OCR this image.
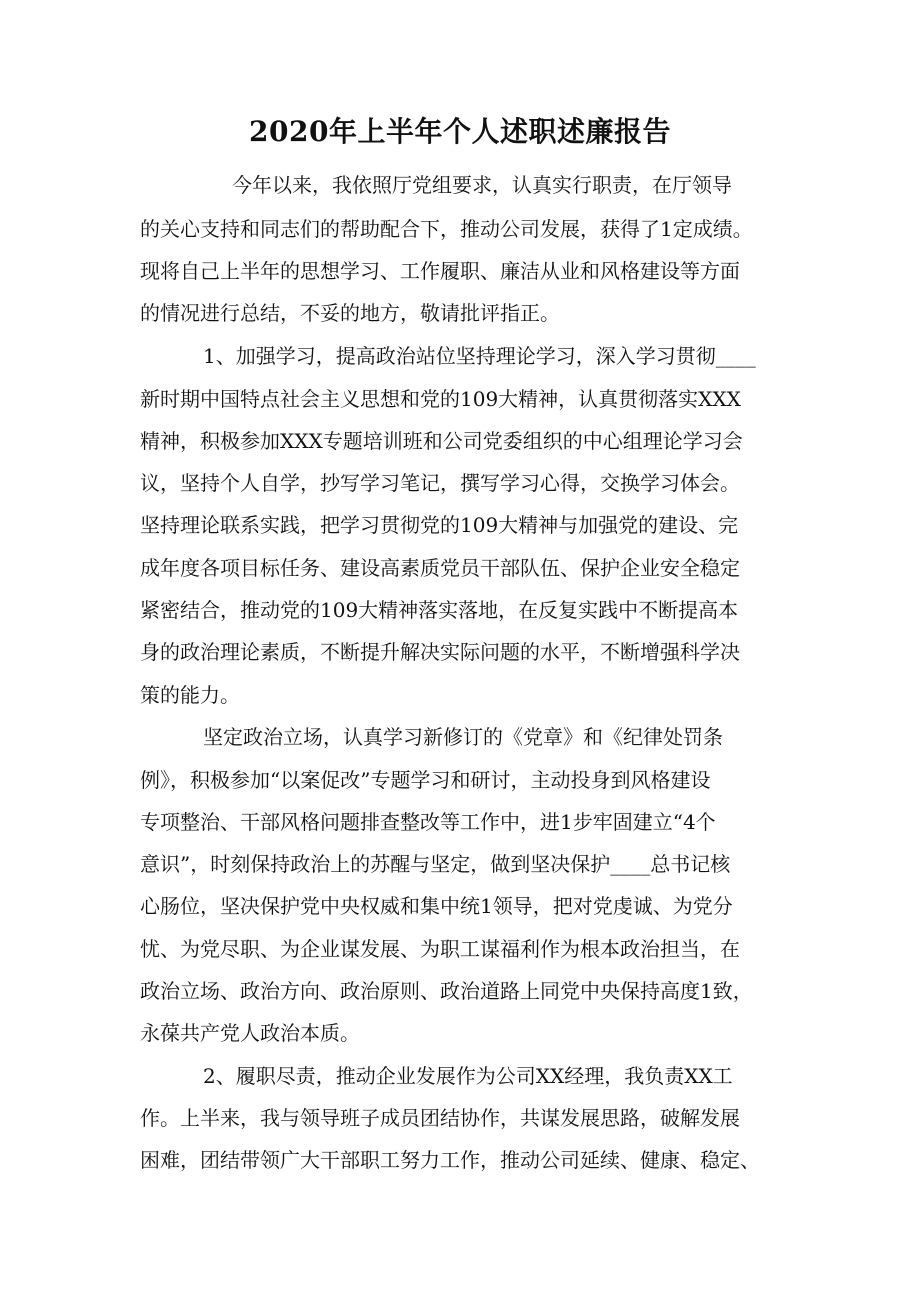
2020年上半年个人述职述廉报告
今年以来，我依照厅党组要求，认真实行职责，在厅领导
的关心支持和同志们的帮助配合下，推动公司发展，获得了1定成绩。
现将自己上半年的思想学习、工作履职、廉洁从业和风格建设等方面
的情况进行总结，不妥的地方，敬请批评指正。
1、加强学习，提高政治站位坚持理论学习，深入学习贯彻____
新时期中国特点社会主义思想和党的109大精神，认真贯彻落实XXX
精神，积极参加XXX专题培训班和公司党委组织的中心组理论学习会
议，坚持个人自学，抄写学习笔记，撰写学习心得，交换学习体会。
坚持理论联系实践，把学习贯彻党的109大精神与加强党的建设、完
成年度各项目标任务、建设高素质党员干部队伍、保护企业安全稳定
紧密结合，推动党的109大精神落实落地，在反复实践中不断提高本
身的政治理论素质，不断提升解决实际问题的水平，不断增强科学决
策的能力。
坚定政治立场，认真学习新修订的《党章》和《纪律处罚条
例》，积极参加“以案促改”专题学习和研讨，主动投身到风格建设
专项整治、干部风格问题排查整改等工作中，进1步牢固建立“4个
意识”，时刻保持政治上的苏醒与坚定，做到坚决保护____总书记核
心肠位，坚决保护党中央权威和集中统1领导，把对党虔诚、为党分
忧、为党尽职、为企业谋发展、为职工谋福利作为根本政治担当，在
政治立场、政治方向、政治原则、政治道路上同党中央保持高度1致，
永葆共产党人政治本质。
2、履职尽责，推动企业发展作为公司XX经理，我负责XX工
作。上半来，我与领导班子成员团结协作，共谋发展思路，破解发展
困难，团结带领广大干部职工努力工作，推动公司延续、健康、稳定、
